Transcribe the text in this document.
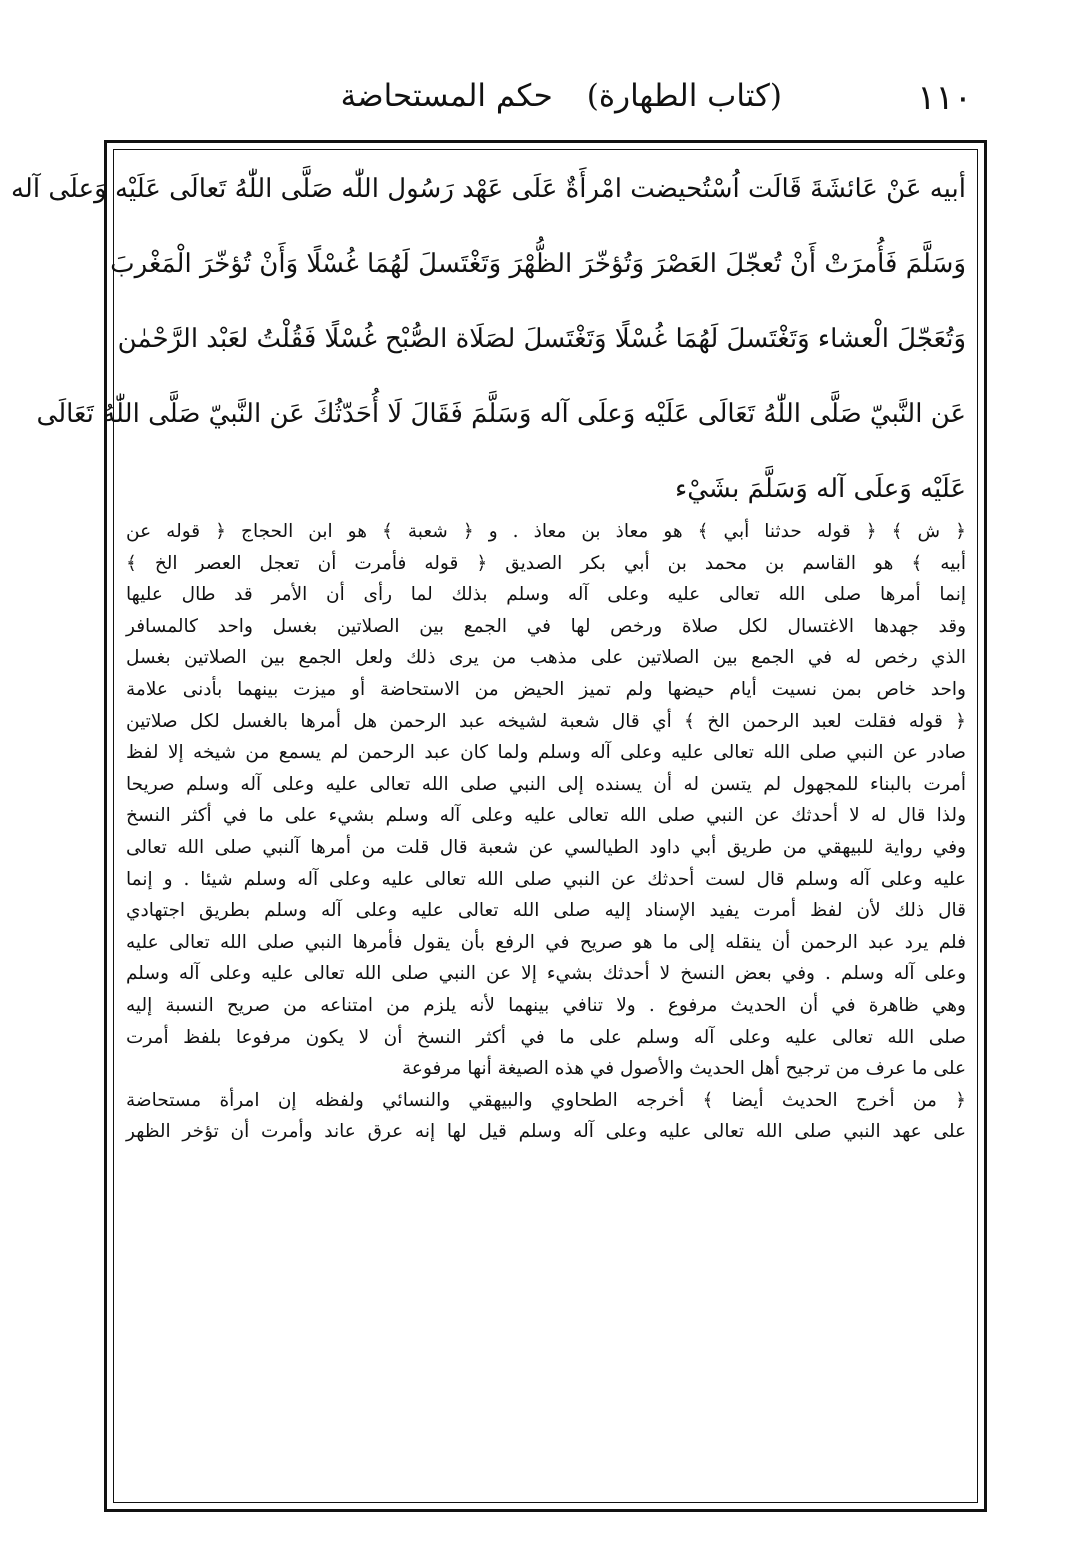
١١٠
(كتاب الطهارة)حكم المستحاضة
أبيه عَنْ عَائشَةَ قَالَت اُسْتُحيضت امْرأَةٌ عَلَى عَهْد رَسُول اللّٰه صَلَّى اللّٰهُ تَعالَى عَلَيْه وَعلَى آله
وَسَلَّمَ فَأُمرَتْ أَنْ تُعجّلَ العَصْرَ وَتُؤخّرَ الظُّهْرَ وَتَغْتَسلَ لَهُمَا غُسْلًا وَأَنْ تُؤخّرَ الْمَغْربَ
وَتُعَجّلَ الْعشاء وَتَغْتَسلَ لَهُمَا غُسْلًا وَتَغْتَسلَ لصَلَاة الصُّبْح غُسْلًا فَقُلْتُ لعَبْد الرَّحْمٰن
عَن النَّبيّ صَلَّى اللّٰهُ تَعَالَى عَلَيْه وَعلَى آله وَسَلَّمَ فَقَالَ لَا أُحَدّثُكَ عَن النَّبيّ صَلَّى اللّٰهُ تَعَالَى
عَلَيْه وَعلَى آله وَسَلَّمَ بشَيْء
﴿ ش ﴾ ﴿ قوله حدثنا أبي ﴾ هو معاذ بن معاذ . و ﴿ شعبة ﴾ هو ابن الحجاج ﴿ قوله عن
أبيه ﴾ هو القاسم بن محمد بن أبي بكر الصديق ﴿ قوله فأمرت أن تعجل العصر الخ ﴾
إنما أمرها صلى الله تعالى عليه وعلى آله وسلم بذلك لما رأى أن الأمر قد طال عليها
وقد جهدها الاغتسال لكل صلاة ورخص لها في الجمع بين الصلاتين بغسل واحد كالمسافر
الذي رخص له في الجمع بين الصلاتين على مذهب من يرى ذلك ولعل الجمع بين الصلاتين بغسل
واحد خاص بمن نسيت أيام حيضها ولم تميز الحيض من الاستحاضة أو ميزت بينهما بأدنى علامة
﴿ قوله فقلت لعبد الرحمن الخ ﴾ أي قال شعبة لشيخه عبد الرحمن هل أمرها بالغسل لكل صلاتين
صادر عن النبي صلى الله تعالى عليه وعلى آله وسلم ولما كان عبد الرحمن لم يسمع من شيخه إلا لفظ
أمرت بالبناء للمجهول لم يتسن له أن يسنده إلى النبي صلى الله تعالى عليه وعلى آله وسلم صريحا
ولذا قال له لا أحدثك عن النبي صلى الله تعالى عليه وعلى آله وسلم بشيء على ما في أكثر النسخ
وفي رواية للبيهقي من طريق أبي داود الطيالسي عن شعبة قال قلت من أمرها آلنبي صلى الله تعالى
عليه وعلى آله وسلم قال لست أحدثك عن النبي صلى الله تعالى عليه وعلى آله وسلم شيئا . و إنما
قال ذلك لأن لفظ أمرت يفيد الإسناد إليه صلى الله تعالى عليه وعلى آله وسلم بطريق اجتهادي
فلم يرد عبد الرحمن أن ينقله إلى ما هو صريح في الرفع بأن يقول فأمرها النبي صلى الله تعالى عليه
وعلى آله وسلم . وفي بعض النسخ لا أحدثك بشيء إلا عن النبي صلى الله تعالى عليه وعلى آله وسلم
وهي ظاهرة في أن الحديث مرفوع . ولا تنافي بينهما لأنه يلزم من امتناعه من صريح النسبة إليه
صلى الله تعالى عليه وعلى آله وسلم على ما في أكثر النسخ أن لا يكون مرفوعا بلفظ أمرت
على ما عرف من ترجيح أهل الحديث والأصول في هذه الصيغة أنها مرفوعة
﴿ من أخرج الحديث أيضا ﴾ أخرجه الطحاوي والبيهقي والنسائي ولفظه إن امرأة مستحاضة
على عهد النبي صلى الله تعالى عليه وعلى آله وسلم قيل لها إنه عرق عاند وأمرت أن تؤخر الظهر
